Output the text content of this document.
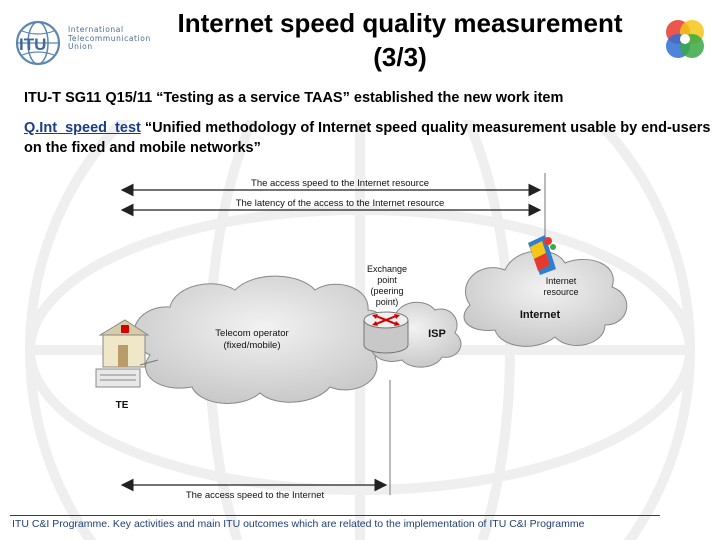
ITU
International
Telecommunication
Union
Internet speed quality measurement
(3/3)
ITU-T SG11 Q15/11 “Testing as a service TAAS” established the new work item
Q.Int_speed_test “Unified methodology of Internet speed quality measurement usable by end-users on the fixed and mobile networks”
The access speed to the Internet resource
The latency of the access to the Internet resource
Telecom operator
(fixed/mobile)
ISP
Internet
Internet
resource
Exchange
point
(peering
point)
TE
The access speed to the Internet
ITU C&I Programme. Key activities and main ITU outcomes which are related to the implementation of ITU C&I Programme
